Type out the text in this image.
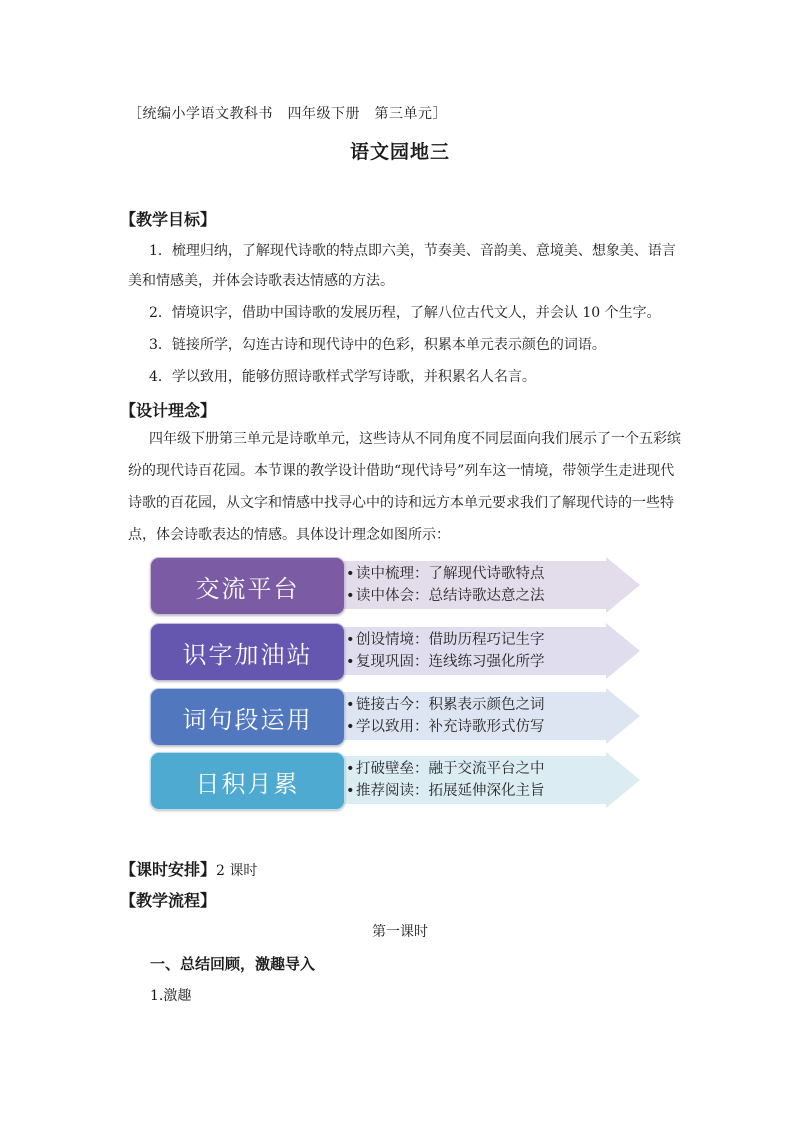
［统编小学语文教科书　四年级下册　第三单元］
语文园地三
【教学目标】
1．梳理归纳，了解现代诗歌的特点即六美，节奏美、音韵美、意境美、想象美、语言
美和情感美，并体会诗歌表达情感的方法。
2．情境识字，借助中国诗歌的发展历程，了解八位古代文人，并会认 10 个生字。
3．链接所学，勾连古诗和现代诗中的色彩，积累本单元表示颜色的词语。
4．学以致用，能够仿照诗歌样式学写诗歌，并积累名人名言。
【设计理念】
四年级下册第三单元是诗歌单元，这些诗从不同角度不同层面向我们展示了一个五彩缤纷的现代诗百花园。本节课的教学设计借助“现代诗号”列车这一情境，带领学生走进现代诗歌的百花园，从文字和情感中找寻心中的诗和远方本单元要求我们了解现代诗的一些特点，体会诗歌表达的情感。具体设计理念如图所示：
交流平台
•读中梳理：了解现代诗歌特点
•读中体会：总结诗歌达意之法
识字加油站
•创设情境：借助历程巧记生字
•复现巩固：连线练习强化所学
词句段运用
•链接古今：积累表示颜色之词
•学以致用：补充诗歌形式仿写
日积月累
•打破壁垒：融于交流平台之中
•推荐阅读：拓展延伸深化主旨
【课时安排】2 课时
【教学流程】
第一课时
一、总结回顾，激趣导入
1.激趣
